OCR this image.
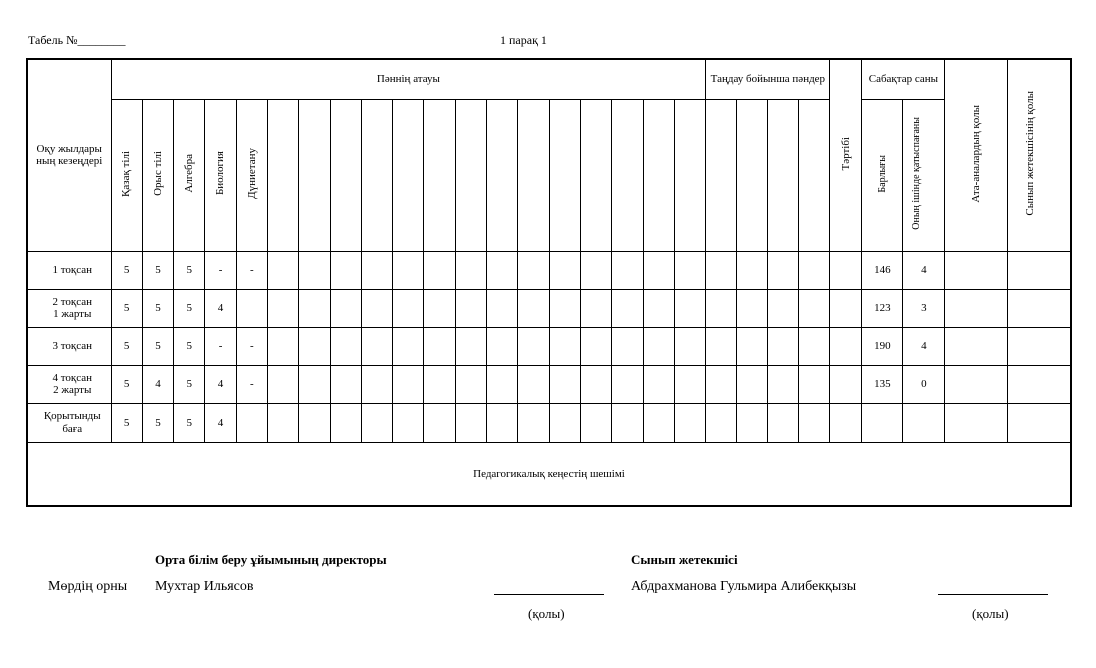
Табель №________	1 парақ 1
Оқу жылдары ның кезеңдері	Пәннің атауы																			Таңдау бойынша пәндер				Тәртібі	Сабақтар саны		Ата-аналардың қолы	Сынып жетекшісінің қолы
	Қазақ тілі	Орыс тілі	Алгебра	Биология	Дүниетану																				Барлығы	Оның ішінде қатыспағаны		
1 тоқсан	5	5	5	-	-																				146	4		
2 тоқсан
1 жарты	5	5	5	4																					123	3		
3 тоқсан	5	5	5	-	-																				190	4		
4 тоқсан
2 жарты	5	4	5	4	-																				135	0		
Қорытынды
баға	5	5	5	4																								
Педагогикалық кеңестің шешімі																												
Мөрдің орны
Орта білім беру ұйымының директоры
Мухтар Ильясов
(қолы)
Сынып жетекшісі
Абдрахманова Гульмира Алибекқызы
(қолы)
